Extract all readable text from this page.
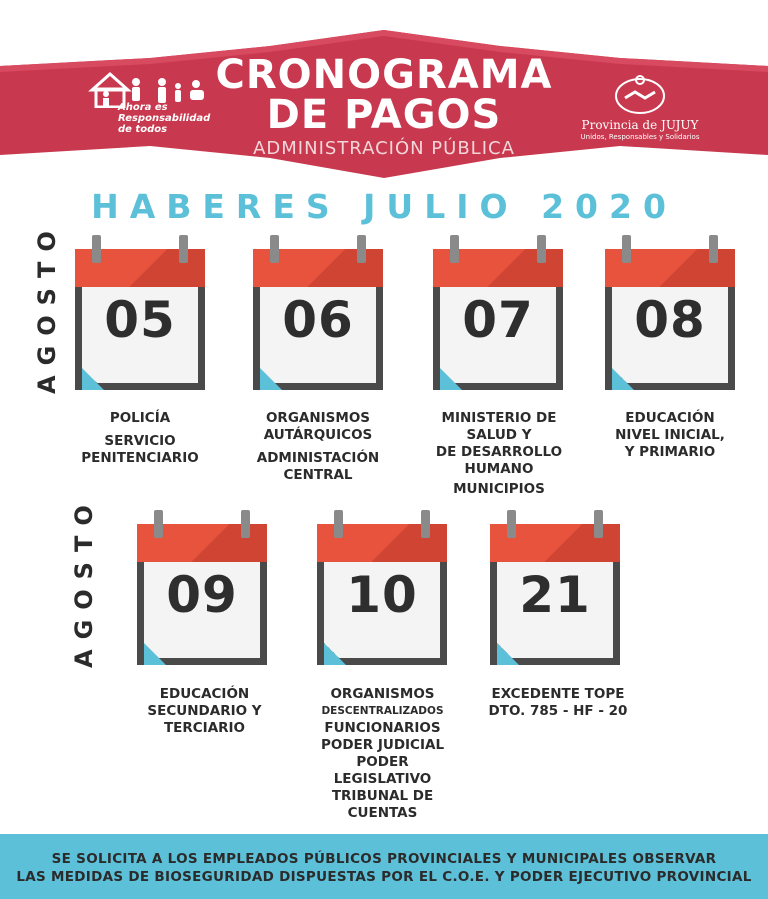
Ahora es
Responsabilidad
de todos
CRONOGRAMA
DE PAGOS
ADMINISTRACIÓN PÚBLICA
Provincia de JUJUY
Unidos, Responsables y Solidarios
HABERES JULIO 2020
AGOSTO 05	06	07	08
POLICÍA
SERVICIO
PENITENCIARIO
ORGANISMOS
AUTÁRQUICOS
ADMINISTACIÓN
CENTRAL
MINISTERIO DE
SALUD Y
DE DESARROLLO
HUMANO
MUNICIPIOS
EDUCACIÓN
NIVEL INICIAL,
Y PRIMARIO
AGOSTO	09	10	21
EDUCACIÓN
SECUNDARIO Y
TERCIARIO
ORGANISMOS
DESCENTRALIZADOS
FUNCIONARIOS
PODER JUDICIAL
PODER
LEGISLATIVO
TRIBUNAL DE
CUENTAS
EXCEDENTE TOPE
DTO. 785 - HF - 20
SE SOLICITA A LOS EMPLEADOS PÚBLICOS PROVINCIALES Y MUNICIPALES OBSERVAR
LAS MEDIDAS DE BIOSEGURIDAD DISPUESTAS POR EL C.O.E. Y PODER EJECUTIVO PROVINCIAL
